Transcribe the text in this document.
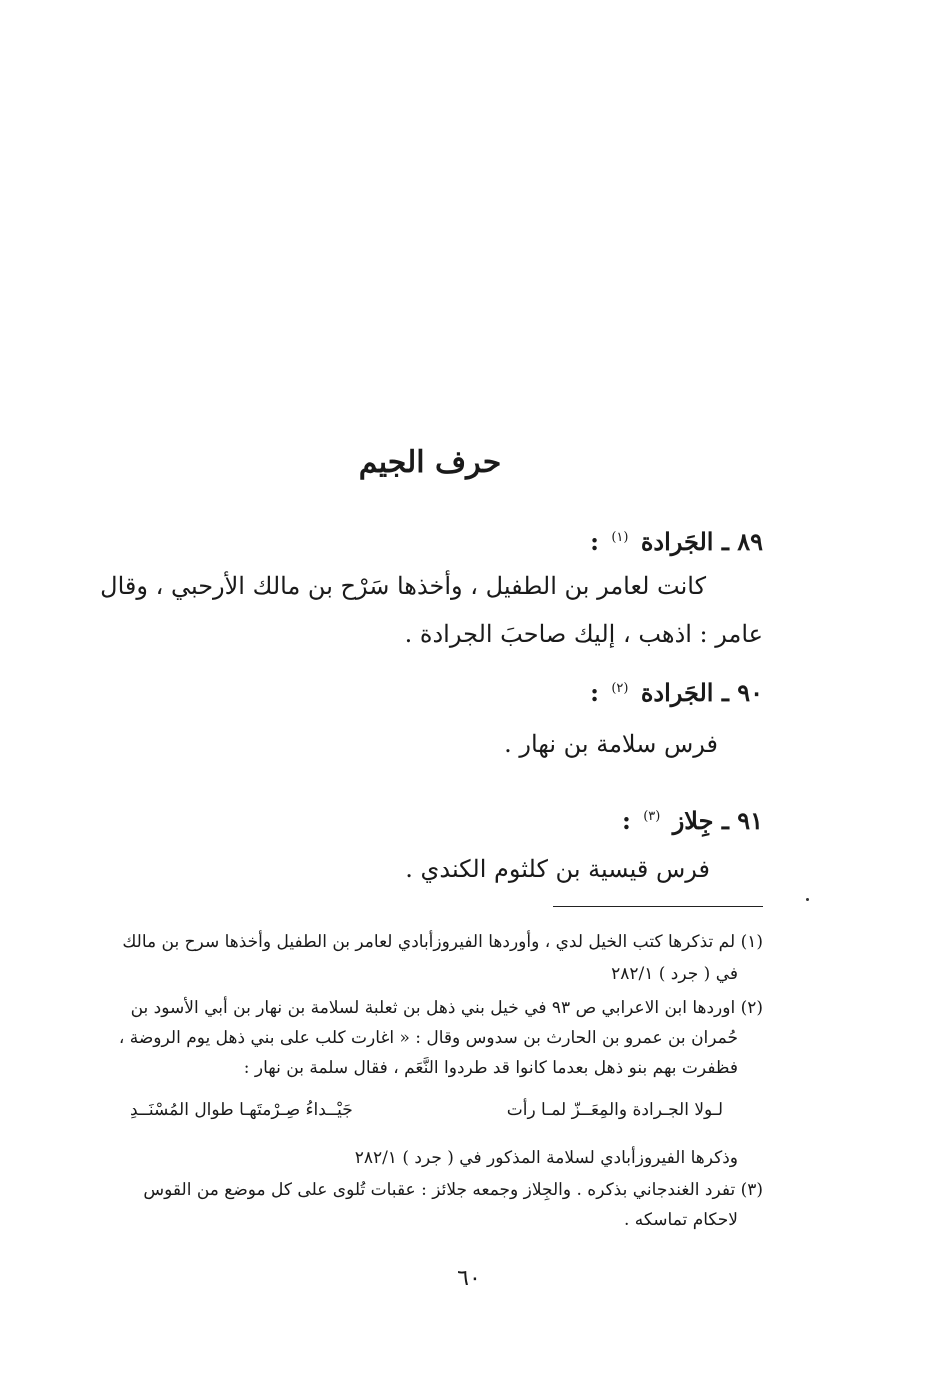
حرف الجيم
٨٩ ـ الجَرادة $^{(١)}$ :
كانت لعامر بن الطفيل ، وأخذها سَرْح بن مالك الأرحبي ، وقال
عامر : اذهب ، إليك صاحبَ الجرادة .
٩٠ ـ الجَرادة $^{(٢)}$ :
فرس سلامة بن نهار .
٩١ ـ جِلاز $^{(٣)}$ :
فرس قيسية بن كلثوم الكندي .
(١) لم تذكرها كتب الخيل لدي ، وأوردها الفيروزأبادي لعامر بن الطفيل وأخذها سرح بن مالك
في ( جرد ) ٢٨٢/١
(٢) اوردها ابن الاعرابي ص ٩٣ في خيل بني ذهل بن ثعلبة لسلامة بن نهار بن أبي الأسود بن
حُمران بن عمرو بن الحارث بن سدوس وقال : « اغارت كلب على بني ذهل يوم الروضة ،
فظفرت بهم بنو ذهل بعدما كانوا قد طردوا النَّعَم ، فقال سلمة بن نهار :
لـولا الجـرادة والمِعَــزّ لمـا رأت
جَيْــداءُ صِـرْمتَهـا طوال المُسْنَــدِ
وذكرها الفيروزأبادي لسلامة المذكور في ( جرد ) ٢٨٢/١
(٣) تفرد الغندجاني بذكره . والجِلاز وجمعه جلائز : عقبات تُلوى على كل موضع من القوس
لاحكام تماسكه .
٦٠
